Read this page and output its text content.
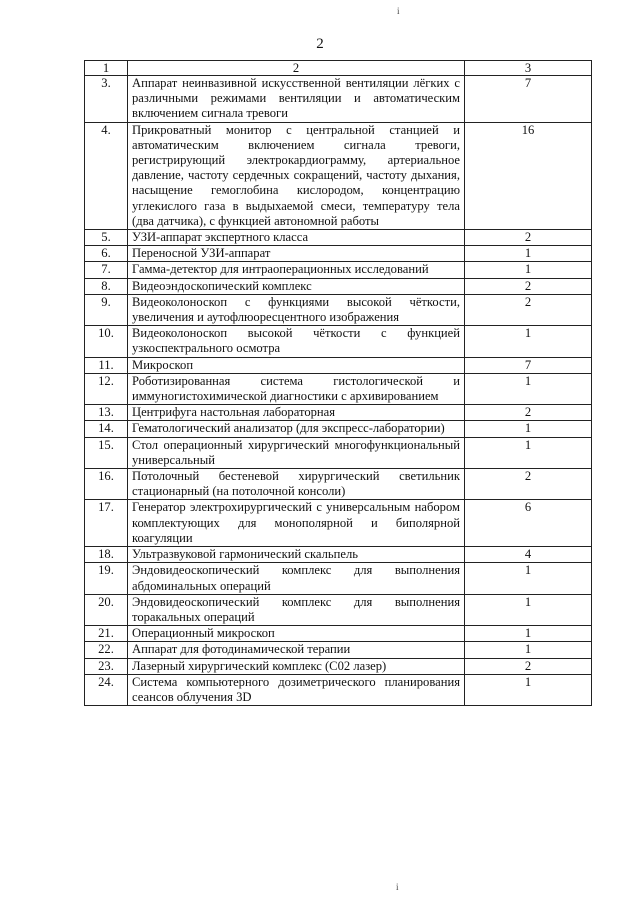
i
2
1	2	3
3.	Аппарат неинвазивной искусственной вентиляции лёгких с различными режимами вентиляции и автоматическим включением сигнала тревоги	7
4.	Прикроватный монитор с центральной станцией и автоматическим включением сигнала тревоги, регистрирующий электрокардиограмму, артериальное давление, частоту сердечных сокращений, частоту дыхания, насыщение гемоглобина кислородом, концентрацию углекислого газа в выдыхаемой смеси, температуру тела (два датчика), с функцией автономной работы	16
5.	УЗИ-аппарат экспертного класса	2
6.	Переносной УЗИ-аппарат	1
7.	Гамма-детектор для интраоперационных исследований	1
8.	Видеоэндоскопический комплекс	2
9.	Видеоколоноскоп с функциями высокой чёткости, увеличения и аутофлюоресцентного изображения	2
10.	Видеоколоноскоп высокой чёткости с функцией узкоспектрального осмотра	1
11.	Микроскоп	7
12.	Роботизированная система гистологической и иммуногистохимической диагностики с архивированием	1
13.	Центрифуга настольная лабораторная	2
14.	Гематологический анализатор (для экспресс-лаборатории)	1
15.	Стол операционный хирургический многофункциональный универсальный	1
16.	Потолочный бестеневой хирургический светильник стационарный (на потолочной консоли)	2
17.	Генератор электрохирургический с универсальным набором комплектующих для монополярной и биполярной коагуляции	6
18.	Ультразвуковой гармонический скальпель	4
19.	Эндовидеоскопический комплекс для выполнения абдоминальных операций	1
20.	Эндовидеоскопический комплекс для выполнения торакальных операций	1
21.	Операционный микроскоп	1
22.	Аппарат для фотодинамической терапии	1
23.	Лазерный хирургический комплекс (С02 лазер)	2
24.	Система компьютерного дозиметрического планирования сеансов облучения 3D	1
i
